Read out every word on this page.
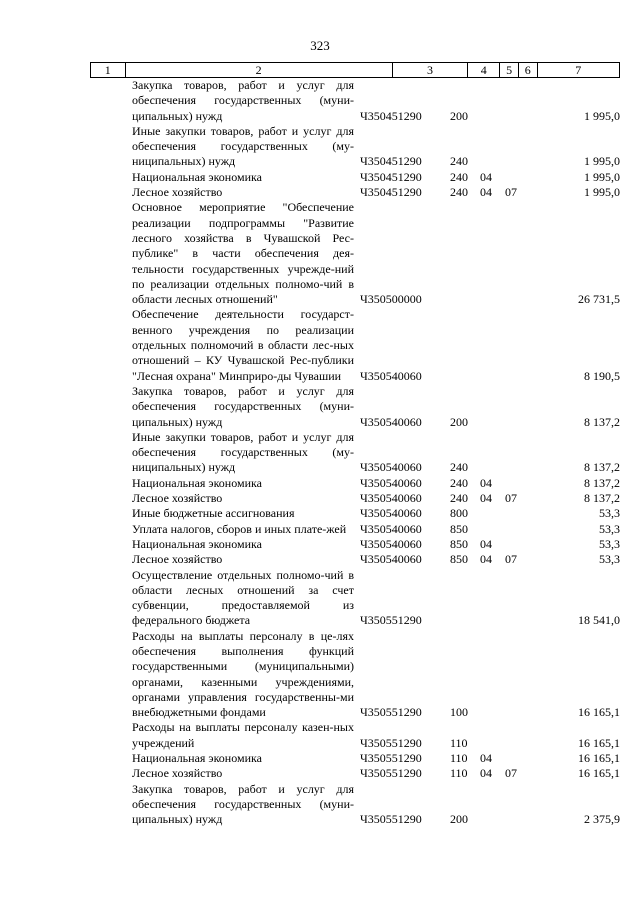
323
1	2	3	4	5	6	7
Закупка товаров, работ и услуг для обеспечения государственных (муни-ципальных) нужд	Ч350451290	200	1 995,0
Иные закупки товаров, работ и услуг для обеспечения государственных (му-ниципальных) нужд	Ч350451290	240	1 995,0
Национальная экономика	Ч350451290	240	04	1 995,0
Лесное хозяйство	Ч350451290	240	04	07	1 995,0
Основное мероприятие "Обеспечение реализации подпрограммы "Развитие лесного хозяйства в Чувашской Рес-публике" в части обеспечения дея-тельности государственных учрежде-ний по реализации отдельных полномо-чий в области лесных отношений"	Ч350500000	26 731,5
Обеспечение деятельности государст-венного учреждения по реализации отдельных полномочий в области лес-ных отношений – КУ Чувашской Рес-публики "Лесная охрана" Минприро-ды Чувашии	Ч350540060	8 190,5
Закупка товаров, работ и услуг для обеспечения государственных (муни-ципальных) нужд	Ч350540060	200	8 137,2
Иные закупки товаров, работ и услуг для обеспечения государственных (му-ниципальных) нужд	Ч350540060	240	8 137,2
Национальная экономика	Ч350540060	240	04	8 137,2
Лесное хозяйство	Ч350540060	240	04	07	8 137,2
Иные бюджетные ассигнования	Ч350540060	800	53,3
Уплата налогов, сборов и иных плате-жей	Ч350540060	850	53,3
Национальная экономика	Ч350540060	850	04	53,3
Лесное хозяйство	Ч350540060	850	04	07	53,3
Осуществление отдельных полномо-чий в области лесных отношений за счет субвенции, предоставляемой из федерального бюджета	Ч350551290	18 541,0
Расходы на выплаты персоналу в це-лях обеспечения выполнения функций государственными (муниципальными) органами, казенными учреждениями, органами управления государственны-ми внебюджетными фондами	Ч350551290	100	16 165,1
Расходы на выплаты персоналу казен-ных учреждений	Ч350551290	110	16 165,1
Национальная экономика	Ч350551290	110	04	16 165,1
Лесное хозяйство	Ч350551290	110	04	07	16 165,1
Закупка товаров, работ и услуг для обеспечения государственных (муни-ципальных) нужд	Ч350551290	200	2 375,9
